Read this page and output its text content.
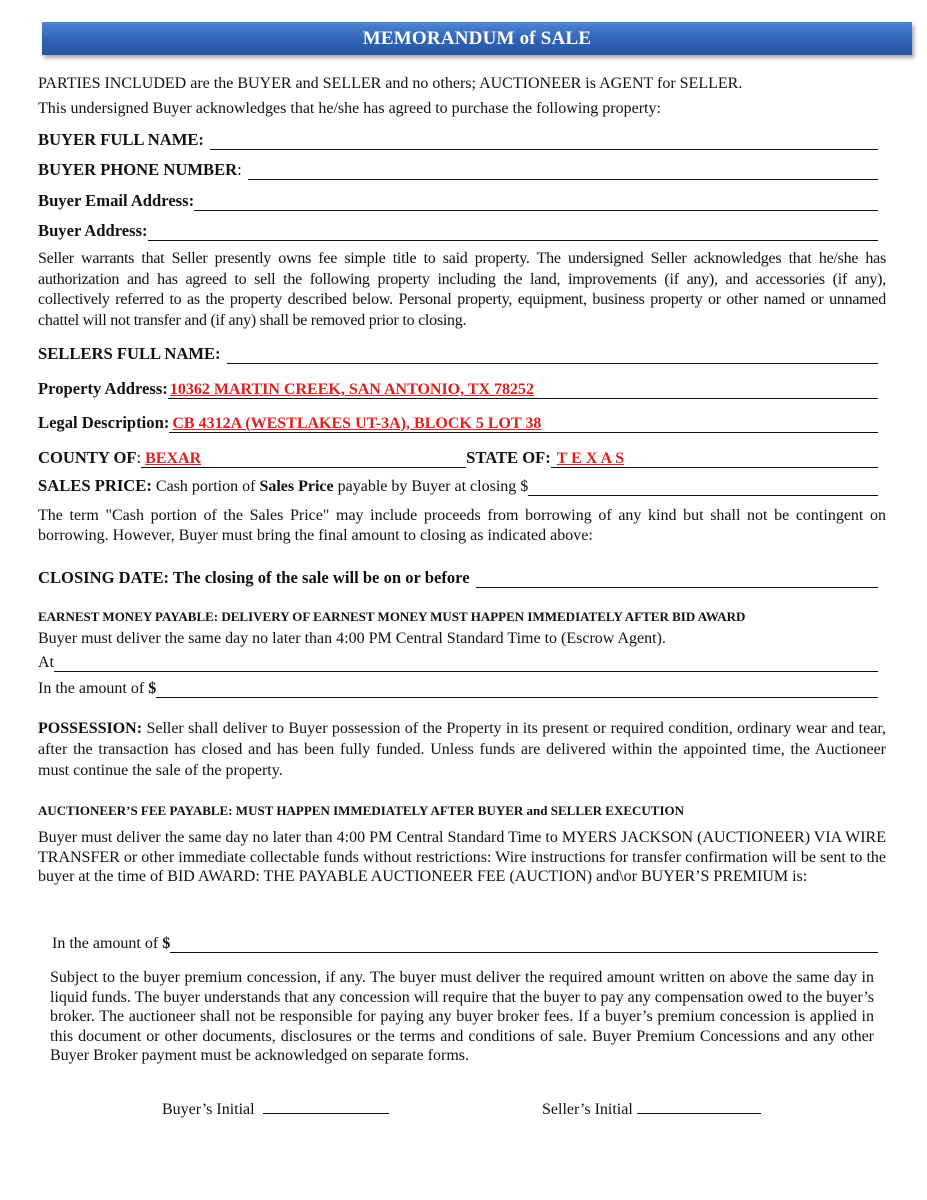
MEMORANDUM of SALE
PARTIES INCLUDED are the BUYER and SELLER and no others; AUCTIONEER is AGENT for SELLER.
This undersigned Buyer acknowledges that he/she has agreed to purchase the following property:
BUYER FULL NAME:
BUYER PHONE NUMBER:
Buyer Email Address:
Buyer Address:
Seller warrants that Seller presently owns fee simple title to said property. The undersigned Seller acknowledges that he/she has authorization and has agreed to sell the following property including the land, improvements (if any), and accessories (if any), collectively referred to as the property described below. Personal property, equipment, business property or other named or unnamed chattel will not transfer and (if any) shall be removed prior to closing.
SELLERS FULL NAME:
Property Address: 10362 MARTIN CREEK, SAN ANTONIO, TX 78252
Legal Description: CB 4312A (WESTLAKES UT-3A), BLOCK 5 LOT 38
COUNTY OF: BEXAR	STATE OF: T E X A S
SALES PRICE: Cash portion of Sales Price payable by Buyer at closing $
The term "Cash portion of the Sales Price" may include proceeds from borrowing of any kind but shall not be contingent on borrowing. However, Buyer must bring the final amount to closing as indicated above:
CLOSING DATE: The closing of the sale will be on or before
EARNEST MONEY PAYABLE: DELIVERY OF EARNEST MONEY MUST HAPPEN IMMEDIATELY AFTER BID AWARD
Buyer must deliver the same day no later than 4:00 PM Central Standard Time to (Escrow Agent).
At
In the amount of $
POSSESSION: Seller shall deliver to Buyer possession of the Property in its present or required condition, ordinary wear and tear, after the transaction has closed and has been fully funded. Unless funds are delivered within the appointed time, the Auctioneer must continue the sale of the property.
AUCTIONEER’S FEE PAYABLE: MUST HAPPEN IMMEDIATELY AFTER BUYER and SELLER EXECUTION
Buyer must deliver the same day no later than 4:00 PM Central Standard Time to MYERS JACKSON (AUCTIONEER) VIA WIRE TRANSFER or other immediate collectable funds without restrictions: Wire instructions for transfer confirmation will be sent to the buyer at the time of BID AWARD: THE PAYABLE AUCTIONEER FEE (AUCTION) and\or BUYER’S PREMIUM is:
In the amount of $
Subject to the buyer premium concession, if any. The buyer must deliver the required amount written on above the same day in liquid funds. The buyer understands that any concession will require that the buyer to pay any compensation owed to the buyer’s broker. The auctioneer shall not be responsible for paying any buyer broker fees. If a buyer’s premium concession is applied in this document or other documents, disclosures or the terms and conditions of sale. Buyer Premium Concessions and any other Buyer Broker payment must be acknowledged on separate forms.
Buyer’s Initial	Seller’s Initial
